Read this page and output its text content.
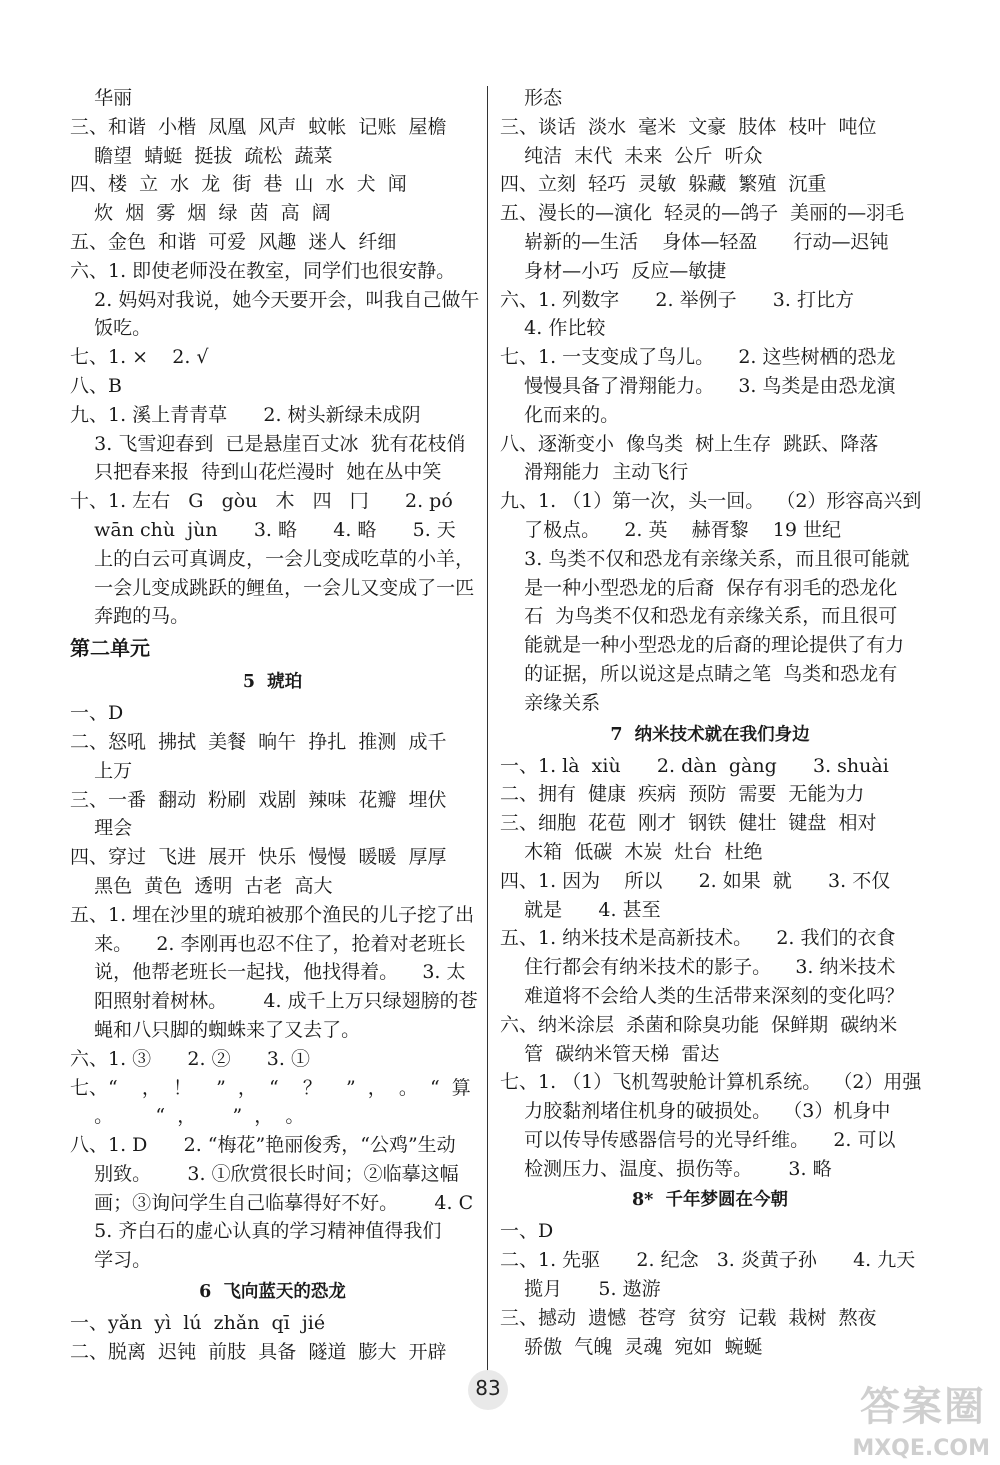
华丽
三、和谐  小楷  凤凰  风声  蚊帐  记账  屋檐
瞻望  蜻蜓  挺拔  疏松  蔬菜
四、楼  立  水  龙  街  巷  山  水  犬  闻
炊  烟  雾  烟  绿  茵  高  阔
五、金色  和谐  可爱  风趣  迷人  纤细
六、1. 即使老师没在教室，同学们也很安静。
2. 妈妈对我说，她今天要开会，叫我自己做午
饭吃。
七、1. ×    2. √
八、B
九、1. 溪上青青草      2. 树头新绿未成阴
3. 飞雪迎春到  已是悬崖百丈冰  犹有花枝俏
只把春来报  待到山花烂漫时  她在丛中笑
十、1. 左右   G   gòu   木   四   冂      2. pó
wān chù  jùn      3. 略      4. 略      5. 天
上的白云可真调皮，一会儿变成吃草的小羊，
一会儿变成跳跃的鲤鱼，一会儿又变成了一匹
奔跑的马。
第二单元
5  琥珀
一、D
二、怒吼  拂拭  美餐  晌午  挣扎  推测  成千
上万
三、一番  翻动  粉刷  戏剧  辣味  花瓣  埋伏
理会
四、穿过  飞进  展开  快乐  慢慢  暖暖  厚厚
黑色  黄色  透明  古老  高大
五、1. 埋在沙里的琥珀被那个渔民的儿子挖了出
来。    2. 李刚再也忍不住了，抢着对老班长
说，他帮老班长一起找，他找得着。    3. 太
阳照射着树林。      4. 成千上万只绿翅膀的苍
蝇和八只脚的蜘蛛来了又去了。
六、1. ③      2. ②      3. ①
七、“    ，  ！    ”  ，  “    ？    ”  ，  。  “  算
。       “  ，      ”  ，  。
八、1. D      2. “梅花”艳丽俊秀，“公鸡”生动
别致。      3. ①欣赏很长时间；②临摹这幅
画；③询问学生自己临摹得好不好。      4. C
5. 齐白石的虚心认真的学习精神值得我们
学习。
6  飞向蓝天的恐龙
一、yǎn  yì  lú  zhǎn  qī  jié
二、脱离  迟钝  前肢  具备  隧道  膨大  开辟
形态
三、谈话  淡水  毫米  文豪  肢体  枝叶  吨位
纯洁  末代  未来  公斤  听众
四、立刻  轻巧  灵敏  躲藏  繁殖  沉重
五、漫长的—演化  轻灵的—鸽子  美丽的—羽毛
崭新的—生活    身体—轻盈      行动—迟钝
身材—小巧  反应—敏捷
六、1. 列数字      2. 举例子      3. 打比方
4. 作比较
七、1. 一支变成了鸟儿。    2. 这些树栖的恐龙
慢慢具备了滑翔能力。    3. 鸟类是由恐龙演
化而来的。
八、逐渐变小  像鸟类  树上生存  跳跃、降落
滑翔能力  主动飞行
九、1. （1）第一次，头一回。  （2）形容高兴到
了极点。    2. 英    赫胥黎    19 世纪
3. 鸟类不仅和恐龙有亲缘关系，而且很可能就
是一种小型恐龙的后裔  保存有羽毛的恐龙化
石  为鸟类不仅和恐龙有亲缘关系，而且很可
能就是一种小型恐龙的后裔的理论提供了有力
的证据，所以说这是点睛之笔  鸟类和恐龙有
亲缘关系
7  纳米技术就在我们身边
一、1. là  xiù      2. dàn  gàng      3. shuài
二、拥有  健康  疾病  预防  需要  无能为力
三、细胞  花苞  刚才  钢铁  健壮  键盘  相对
木箱  低碳  木炭  灶台  杜绝
四、1. 因为    所以      2. 如果  就      3. 不仅
就是      4. 甚至
五、1. 纳米技术是高新技术。    2. 我们的衣食
住行都会有纳米技术的影子。    3. 纳米技术
难道将不会给人类的生活带来深刻的变化吗？
六、纳米涂层  杀菌和除臭功能  保鲜期  碳纳米
管  碳纳米管天梯  雷达
七、1. （1）飞机驾驶舱计算机系统。  （2）用强
力胶黏剂堵住机身的破损处。  （3）机身中
可以传导传感器信号的光导纤维。    2. 可以
检测压力、温度、损伤等。      3. 略
8*  千年梦圆在今朝
一、D
二、1. 先驱      2. 纪念   3. 炎黄子孙      4. 九天
揽月      5. 遨游
三、撼动  遗憾  苍穹  贫穷  记载  栽树  熬夜
骄傲  气魄  灵魂  宛如  蜿蜒
83	答案圈
MXQE.COM
